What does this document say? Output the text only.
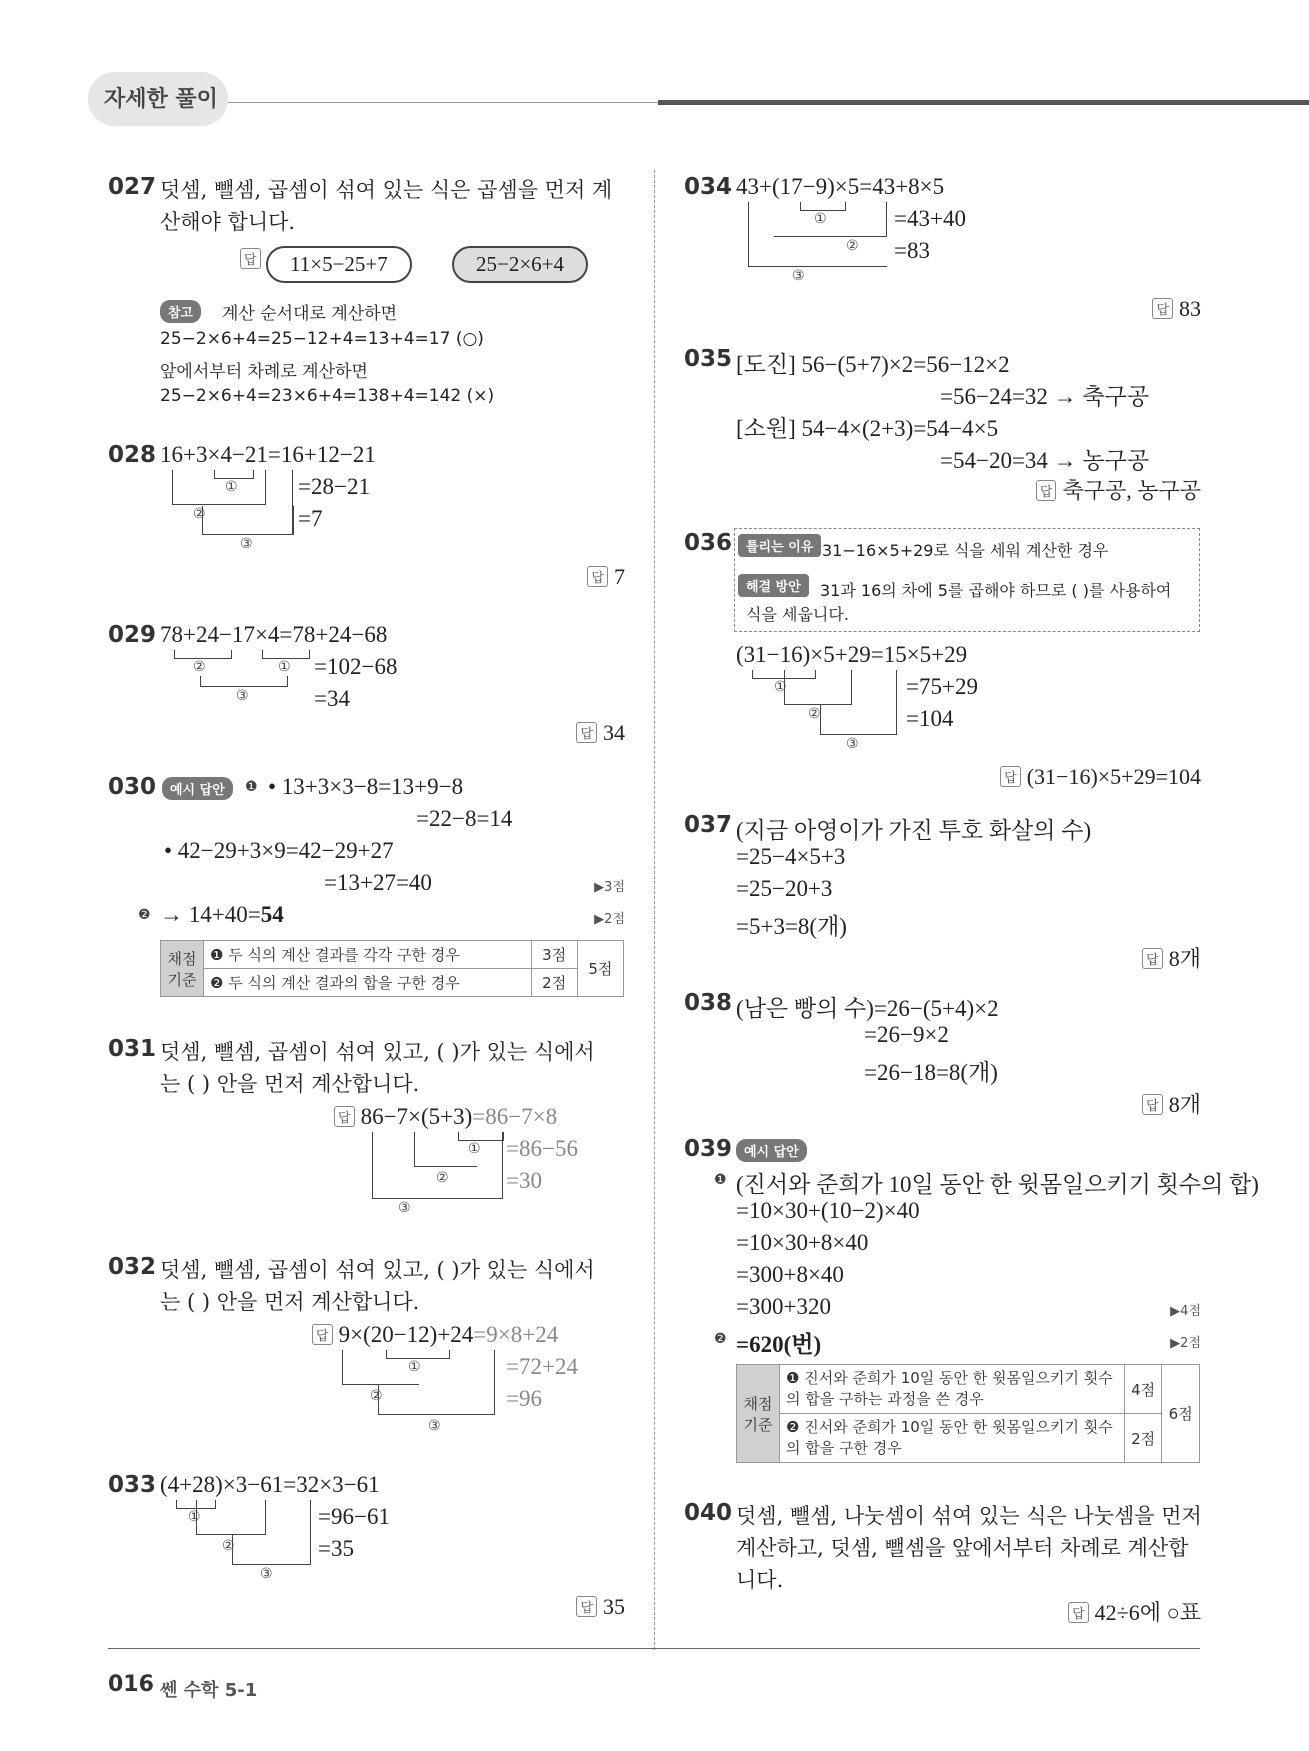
자세한 풀이
027 덧셈, 뺄셈, 곱셈이 섞여 있는 식은 곱셈을 먼저 계
산해야 합니다.
답	11×5−25+7	25−2×6+4
참고	계산 순서대로 계산하면
25−2×6+4=25−12+4=13+4=17 (○)
앞에서부터 차례로 계산하면
25−2×6+4=23×6+4=138+4=142 (×)
028 16+3×4−21=16+12−21
=28−21
=7
①
②
③
답 7
029 78+24−17×4=78+24−68
=102−68
=34
②	①
③
답 34
030	예시 답안	❶ • 13+3×3−8=13+9−8
=22−8=14
• 42−29+3×9=42−29+27
=13+27=40	▶3점
❷ → 14+40=54	▶2점
채점 기준	❶ 두 식의 계산 결과를 각각 구한 경우	3점	5점
	❷ 두 식의 계산 결과의 합을 구한 경우	2점	
031 덧셈, 뺄셈, 곱셈이 섞여 있고, ( )가 있는 식에서
는 ( ) 안을 먼저 계산합니다.
답 86−7×(5+3)=86−7×8
=86−56
=30
①
②
③
032 덧셈, 뺄셈, 곱셈이 섞여 있고, ( )가 있는 식에서
는 ( ) 안을 먼저 계산합니다.
답 9×(20−12)+24=9×8+24
=72+24
=96
①
②
③
033 (4+28)×3−61=32×3−61
=96−61
=35
①
②
③
답 35
034 43+(17−9)×5=43+8×5
=43+40
=83
①
②
③
답 83
035 [도진] 56−(5+7)×2=56−12×2
=56−24=32 → 축구공
[소원] 54−4×(2+3)=54−4×5
=54−20=34 → 농구공
답 축구공, 농구공
036	틀리는 이유 31−16×5+29로 식을 세워 계산한 경우
해결 방안	31과 16의 차에 5를 곱해야 하므로 ( )를 사용하여
식을 세웁니다.
(31−16)×5+29=15×5+29
=75+29
=104
①
②
③
답 (31−16)×5+29=104
037 (지금 아영이가 가진 투호 화살의 수)
=25−4×5+3
=25−20+3
=5+3=8(개)
답 8개
038 (남은 빵의 수)=26−(5+4)×2
=26−9×2
=26−18=8(개)
답 8개
039 예시 답안
❶ (진서와 준희가 10일 동안 한 윗몸일으키기 횟수의 합)
=10×30+(10−2)×40
=10×30+8×40
=300+8×40
=300+320	▶4점
❷ =620(번)	▶2점
채점 기준	❶ 진서와 준희가 10일 동안 한 윗몸일으키기 횟수
의 합을 구하는 과정을 쓴 경우	4점	6점

	❷ 진서와 준희가 10일 동안 한 윗몸일으키기 횟수
의 합을 구한 경우	2점	
040 덧셈, 뺄셈, 나눗셈이 섞여 있는 식은 나눗셈을 먼저
계산하고, 덧셈, 뺄셈을 앞에서부터 차례로 계산합
니다.
답 42÷6에 ○표
016 쎈 수학 5-1
